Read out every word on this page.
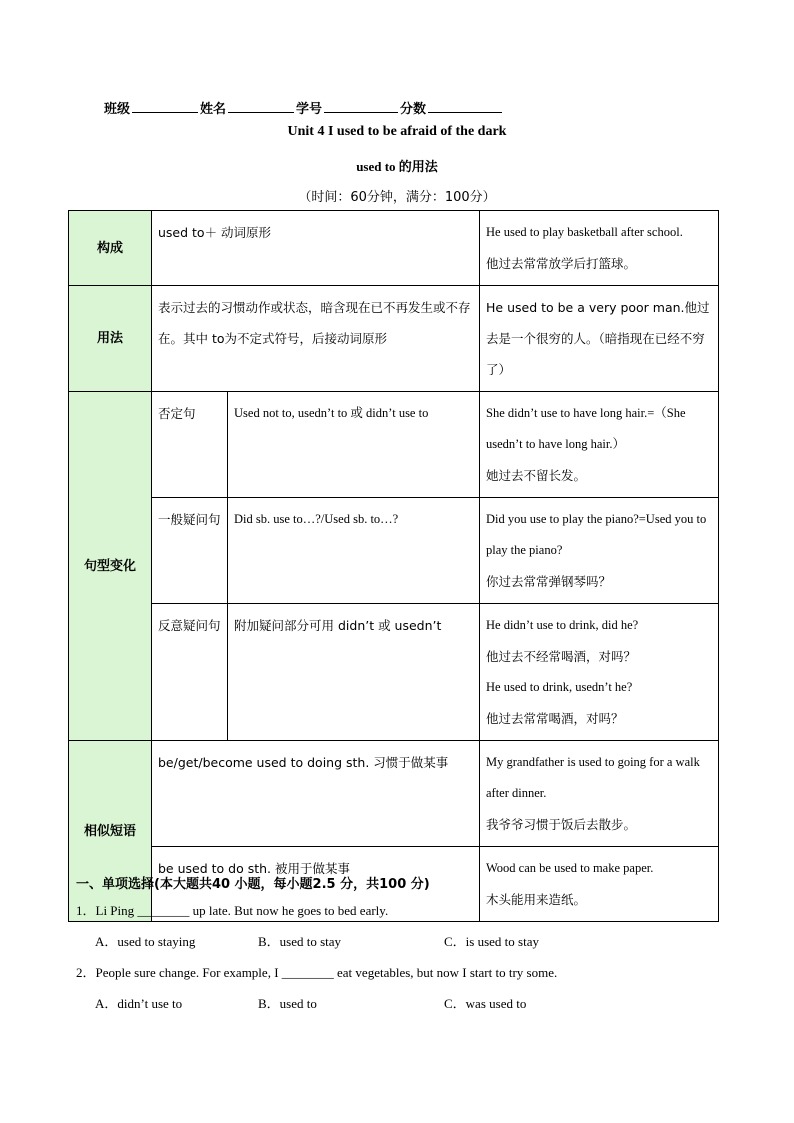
班级	姓名	学号	分数
Unit 4 I used to be afraid of the dark
used to 的用法
（时间：60分钟，满分：100分）
构成	used to＋ 动词原形		He used to play basketball after school.
他过去常常放学后打篮球。

用法	表示过去的习惯动作或状态，暗含现在已不再发生或不存在。其中 to为不定式符号，后接动词原形		He used to be a very poor man.他过去是一个很穷的人。（暗指现在已经不穷了）
句型变化	否定句	Used not to, usedn’t to 或 didn’t use to	She didn’t use to have long hair.=（She usedn’t to have long hair.）
她过去不留长发。

	一般疑问句	Did sb. use to…?/Used sb. to…?	Did you use to play the piano?=Used you to play the piano?
你过去常常弹钢琴吗？

	反意疑问句	附加疑问部分可用 didn’t 或 usedn’t	He didn’t use to drink, did he?
他过去不经常喝酒，对吗？
He used to drink, usedn’t he?
他过去常常喝酒，对吗？

相似短语	be/get/become used to doing sth. 习惯于做某事		My grandfather is used to going for a walk after dinner.
我爷爷习惯于饭后去散步。

	be used to do sth. 被用于做某事		Wood can be used to make paper.
木头能用来造纸。
一、单项选择(本大题共40 小题，每小题2.5 分，共100 分)
1．Li Ping ________ up late. But now he goes to bed early.
A．used to staying	B．used to stay	C．is used to stay
2．People sure change. For example, I ________ eat vegetables, but now I start to try some.
A．didn’t use to	B．used to	C．was used to
